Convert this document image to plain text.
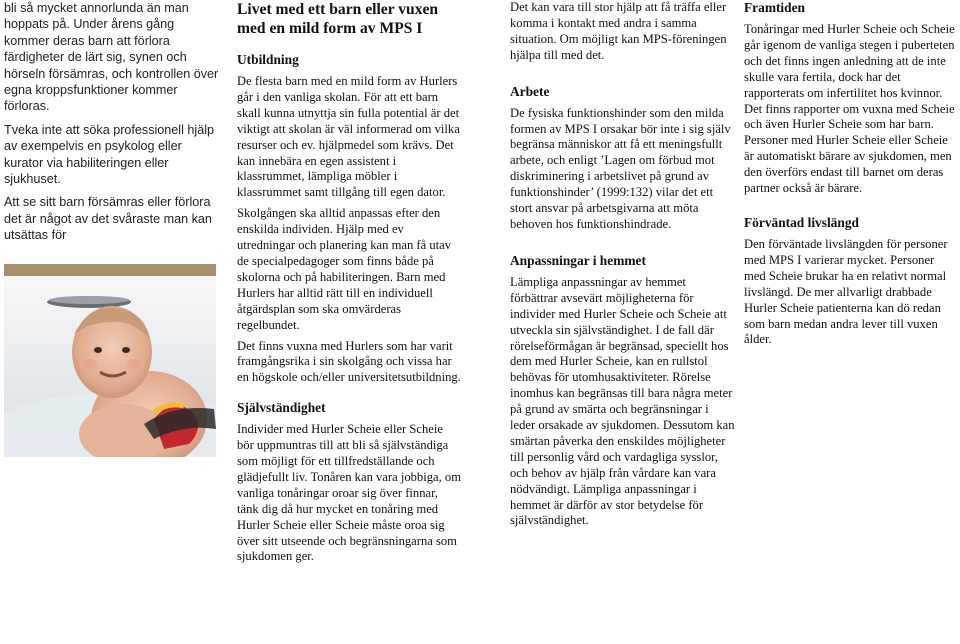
bli så mycket annorlunda än man hoppats på. Under årens gång kommer deras barn att förlora färdigheter de lärt sig, synen och hörseln försämras, och kontrollen över egna kroppsfunktioner kommer förloras.

Tveka inte att söka professionell hjälp av exempelvis en psykolog eller kurator via habiliteringen eller sjukhuset.

Att se sitt barn försämras eller förlora det är något av det svåraste man kan utsättas för

Livet med ett barn eller vuxen med en mild form av MPS I
Utbildning

De flesta barn med en mild form av Hurlers går i den vanliga skolan. För att ett barn skall kunna utnyttja sin fulla potential är det viktigt att skolan är väl informerad om vilka resurser och ev. hjälpmedel som krävs. Det kan innebära en egen assistent i klassrummet, lämpliga möbler i klassrummet samt tillgång till egen dator.

Skolgången ska alltid anpassas efter den enskilda individen. Hjälp med ev utredningar och planering kan man få utav de specialpedagoger som finns både på skolorna och på habiliteringen. Barn med Hurlers har alltid rätt till en individuell åtgärdsplan som ska omvärderas regelbundet.

Det finns vuxna med Hurlers som har varit framgångsrika i sin skolgång och vissa har en högskole och/eller universitetsutbildning.

Självständighet

Individer med Hurler Scheie eller Scheie bör uppmuntras till att bli så självständiga som möjligt för ett tillfredställande och glädjefullt liv. Tonåren kan vara jobbiga, om vanliga tonåringar oroar sig över finnar, tänk dig då hur mycket en tonåring med Hurler Scheie eller Scheie måste oroa sig över sitt utseende och begränsningarna som sjukdomen ger.

Det kan vara till stor hjälp att få träffa eller komma i kontakt med andra i samma situation. Om möjligt kan MPS-föreningen hjälpa till med det.

Arbete

De fysiska funktionshinder som den milda formen av MPS I orsakar bör inte i sig själv begränsa människor att få ett meningsfullt arbete, och enligt ’Lagen om förbud mot diskriminering i arbetslivet på grund av funktionshinder’ (1999:132) vilar det ett stort ansvar på arbetsgivarna att möta behoven hos funktionshindrade.

Anpassningar i hemmet

Lämpliga anpassningar av hemmet förbättrar avsevärt möjligheterna för individer med Hurler Scheie och Scheie att utveckla sin självständighet. I de fall där rörelseförmågan är begränsad, speciellt hos dem med Hurler Scheie, kan en rullstol behövas för utomhusaktiviteter. Rörelse inomhus kan begränsas till bara några meter på grund av smärta och begränsningar i leder orsakade av sjukdomen. Dessutom kan smärtan påverka den enskildes möjligheter till personlig vård och vardagliga sysslor, och behov av hjälp från vårdare kan vara nödvändigt. Lämpliga anpassningar i hemmet är därför av stor betydelse för självständighet.

Framtiden

Tonåringar med Hurler Scheie och Scheie går igenom de vanliga stegen i puberteten och det finns ingen anledning att de inte skulle vara fertila, dock har det rapporterats om infertilitet hos kvinnor. Det finns rapporter om vuxna med Scheie och även Hurler Scheie som har barn. Personer med Hurler Scheie eller Scheie är automatiskt bärare av sjukdomen, men den överförs endast till barnet om deras partner också är bärare.

Förväntad livslängd

Den förväntade livslängden för personer med MPS I varierar mycket. Personer med Scheie brukar ha en relativt normal livslängd. De mer allvarligt drabbade Hurler Scheie patienterna kan dö redan som barn medan andra lever till vuxen ålder.
